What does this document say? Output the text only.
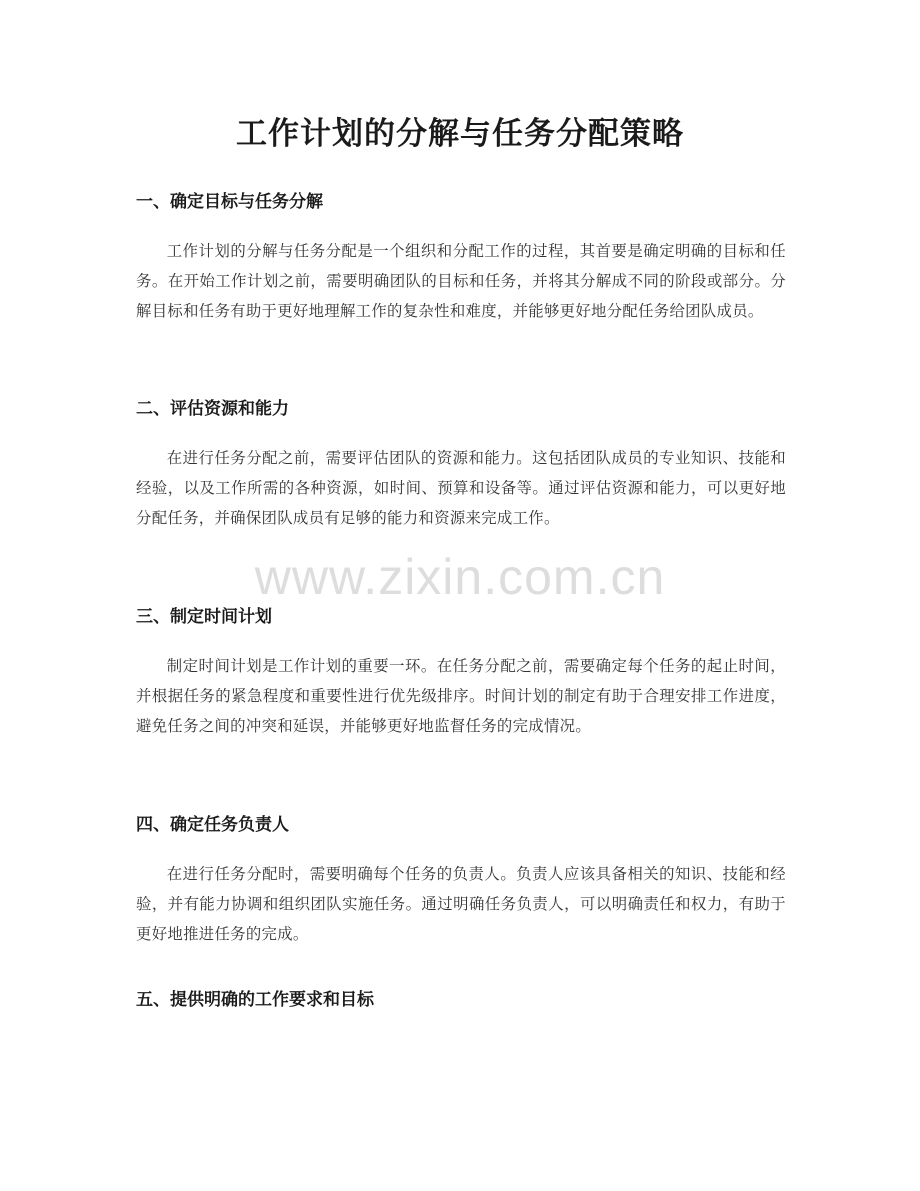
工作计划的分解与任务分配策略
一、确定目标与任务分解

工作计划的分解与任务分配是一个组织和分配工作的过程，其首要是确定明确的目标和任务。在开始工作计划之前，需要明确团队的目标和任务，并将其分解成不同的阶段或部分。分解目标和任务有助于更好地理解工作的复杂性和难度，并能够更好地分配任务给团队成员。

二、评估资源和能力

在进行任务分配之前，需要评估团队的资源和能力。这包括团队成员的专业知识、技能和经验，以及工作所需的各种资源，如时间、预算和设备等。通过评估资源和能力，可以更好地分配任务，并确保团队成员有足够的能力和资源来完成工作。

三、制定时间计划

制定时间计划是工作计划的重要一环。在任务分配之前，需要确定每个任务的起止时间，并根据任务的紧急程度和重要性进行优先级排序。时间计划的制定有助于合理安排工作进度，避免任务之间的冲突和延误，并能够更好地监督任务的完成情况。

四、确定任务负责人

在进行任务分配时，需要明确每个任务的负责人。负责人应该具备相关的知识、技能和经验，并有能力协调和组织团队实施任务。通过明确任务负责人，可以明确责任和权力，有助于更好地推进任务的完成。

五、提供明确的工作要求和目标
www.zixin.com.cn
